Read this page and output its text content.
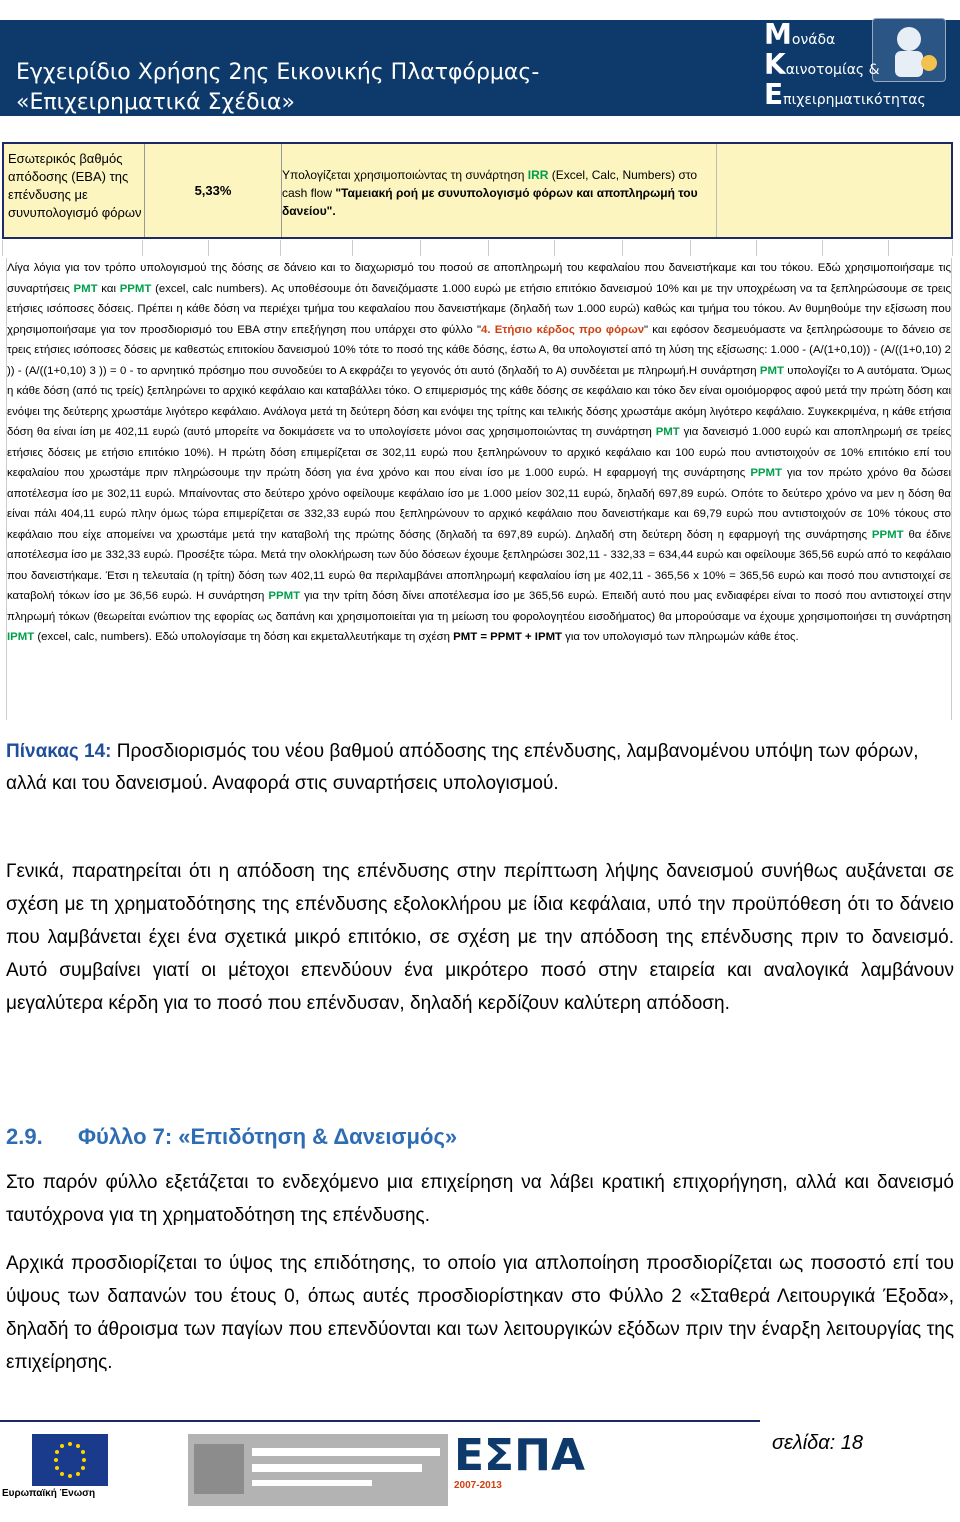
Εγχειρίδιο Χρήσης 2ης Εικονικής Πλατφόρμας-
«Επιχειρηματικά Σχέδια»
Μονάδα
Καινοτομίας &
Επιχειρηματικότητας
Εσωτερικός βαθμός απόδοσης (ΕΒΑ) της επένδυσης με συνυπολογισμό φόρων
5,33%
Υπολογίζεται χρησιμοποιώντας τη συνάρτηση IRR (Excel, Calc, Numbers) στο cash flow "Ταμειακή ροή με συνυπολογισμό φόρων και αποπληρωμή του δανείου".
Λίγα λόγια για τον τρόπο υπολογισμού της δόσης σε δάνειο και το διαχωρισμό του ποσού σε αποπληρωμή του κεφαλαίου που δανειστήκαμε και του τόκου. Εδώ χρησιμοποιήσαμε τις συναρτήσεις PMT και PPMT (excel, calc numbers). Ας υποθέσουμε ότι δανειζόμαστε 1.000 ευρώ με ετήσιο επιτόκιο δανεισμού 10% και με την υποχρέωση να τα ξεπληρώσουμε σε τρεις ετήσιες ισόποσες δόσεις. Πρέπει η κάθε δόση να περιέχει τμήμα του κεφαλαίου που δανειστήκαμε (δηλαδή των 1.000 ευρώ) καθώς και τμήμα του τόκου. Αν θυμηθούμε την εξίσωση που χρησιμοποιήσαμε για τον προσδιορισμό του ΕΒΑ στην επεξήγηση που υπάρχει στο φύλλο "4. Ετήσιο κέρδος προ φόρων" και εφόσον δεσμευόμαστε να ξεπληρώσουμε το δάνειο σε τρεις ετήσιες ισόποσες δόσεις με καθεστώς επιτοκίου δανεισμού 10% τότε το ποσό της κάθε δόσης, έστω Α, θα υπολογιστεί από τη λύση της εξίσωσης: 1.000 - (A/(1+0,10)) - (A/((1+0,10) 2 )) - (A/((1+0,10) 3 )) = 0 - το αρνητικό πρόσημο που συνοδεύει το Α εκφράζει το γεγονός ότι αυτό (δηλαδή το Α) συνδέεται με πληρωμή.Η συνάρτηση PMT υπολογίζει το Α αυτόματα. Όμως η κάθε δόση (από τις τρείς) ξεπληρώνει το αρχικό κεφάλαιο και καταβάλλει τόκο. Ο επιμερισμός της κάθε δόσης σε κεφάλαιο και τόκο δεν είναι ομοιόμορφος αφού μετά την πρώτη δόση και ενόψει της δεύτερης χρωστάμε λιγότερο κεφάλαιο. Ανάλογα μετά τη δεύτερη δόση και ενόψει της τρίτης και τελικής δόσης χρωστάμε ακόμη λιγότερο κεφάλαιο. Συγκεκριμένα, η κάθε ετήσια δόση θα είναι ίση με 402,11 ευρώ (αυτό μπορείτε να δοκιμάσετε να το υπολογίσετε μόνοι σας χρησιμοποιώντας τη συνάρτηση PMT για δανεισμό 1.000 ευρώ και αποπληρωμή σε τρείες ετήσιες δόσεις με ετήσιο επιτόκιο 10%). Η πρώτη δόση επιμερίζεται σε 302,11 ευρώ που ξεπληρώνουν το αρχικό κεφάλαιο και 100 ευρώ που αντιστοιχούν σε 10% επιτόκιο επί του κεφαλαίου που χρωστάμε πριν πληρώσουμε την πρώτη δόση για ένα χρόνο και που είναι ίσο με 1.000 ευρώ. Η εφαρμογή της συνάρτησης PPMT για τον πρώτο χρόνο θα δώσει αποτέλεσμα ίσο με 302,11 ευρώ. Μπαίνοντας στο δεύτερο χρόνο οφείλουμε κεφάλαιο ίσο με 1.000 μείον 302,11 ευρώ, δηλαδή 697,89 ευρώ. Οπότε το δεύτερο χρόνο να μεν η δόση θα είναι πάλι 404,11 ευρώ πλην όμως τώρα επιμερίζεται σε 332,33 ευρώ που ξεπληρώνουν το αρχικό κεφάλαιο που δανειστήκαμε και 69,79 ευρώ που αντιστοιχούν σε 10% τόκους στο κεφάλαιο που είχε απομείνει να χρωστάμε μετά την καταβολή της πρώτης δόσης (δηλαδή τα 697,89 ευρώ). Δηλαδή στη δεύτερη δόση η εφαρμογή της συνάρτησης PPMT θα έδινε αποτέλεσμα ίσο με 332,33 ευρώ. Προσέξτε τώρα. Μετά την ολοκλήρωση των δύο δόσεων έχουμε ξεπληρώσει 302,11 - 332,33 = 634,44 ευρώ και οφείλουμε 365,56 ευρώ από το κεφάλαιο που δανειστήκαμε. Έτσι η τελευταία (η τρίτη) δόση των 402,11 ευρώ θα περιλαμβάνει αποπληρωμή κεφαλαίου ίση με 402,11 - 365,56 x 10% = 365,56 ευρώ και ποσό που αντιστοιχεί σε καταβολή τόκων ίσο με 36,56 ευρώ. Η συνάρτηση PPMT για την τρίτη δόση δίνει αποτέλεσμα ίσο με 365,56 ευρώ. Επειδή αυτό που μας ενδιαφέρει είναι το ποσό που αντιστοιχεί στην πληρωμή τόκων (θεωρείται ενώπιον της εφορίας ως δαπάνη και χρησιμοποιείται για τη μείωση του φορολογητέου εισοδήματος) θα μπορούσαμε να έχουμε χρησιμοποιήσει τη συνάρτηση IPMT (excel, calc, numbers). Εδώ υπολογίσαμε τη δόση και εκμεταλλευτήκαμε τη σχέση PMT = PPMT + IPMT για τον υπολογισμό των πληρωμών κάθε έτος.
Πίνακας 14: Προσδιορισμός του νέου βαθμού απόδοσης της επένδυσης, λαμβανομένου υπόψη των φόρων, αλλά και του δανεισμού. Αναφορά στις συναρτήσεις υπολογισμού.
Γενικά, παρατηρείται ότι η απόδοση της επένδυσης στην περίπτωση λήψης δανεισμού συνήθως αυξάνεται σε σχέση με τη χρηματοδότησης της επένδυσης εξολοκλήρου με ίδια κεφάλαια, υπό την προϋπόθεση ότι το δάνειο που λαμβάνεται έχει ένα σχετικά μικρό επιτόκιο, σε σχέση με την απόδοση της επένδυσης πριν το δανεισμό. Αυτό συμβαίνει γιατί οι μέτοχοι επενδύουν ένα μικρότερο ποσό στην εταιρεία και αναλογικά λαμβάνουν μεγαλύτερα κέρδη για το ποσό που επένδυσαν, δηλαδή κερδίζουν καλύτερη απόδοση.
2.9. Φύλλο 7: «Επιδότηση & Δανεισμός»
Στο παρόν φύλλο εξετάζεται το ενδεχόμενο μια επιχείρηση να λάβει κρατική επιχορήγηση, αλλά και δανεισμό ταυτόχρονα για τη χρηματοδότηση της επένδυσης.
Αρχικά προσδιορίζεται το ύψος της επιδότησης, το οποίο για απλοποίηση προσδιορίζεται ως ποσοστό επί του ύψους των δαπανών του έτους 0, όπως αυτές προσδιορίστηκαν στο Φύλλο 2 «Σταθερά Λειτουργικά Έξοδα», δηλαδή το άθροισμα των παγίων που επενδύονται και των λειτουργικών εξόδων πριν την έναρξη λειτουργίας της επιχείρησης.
Ευρωπαϊκή Ένωση
ΕΣΠΑ
2007-2013
σελίδα: 18
